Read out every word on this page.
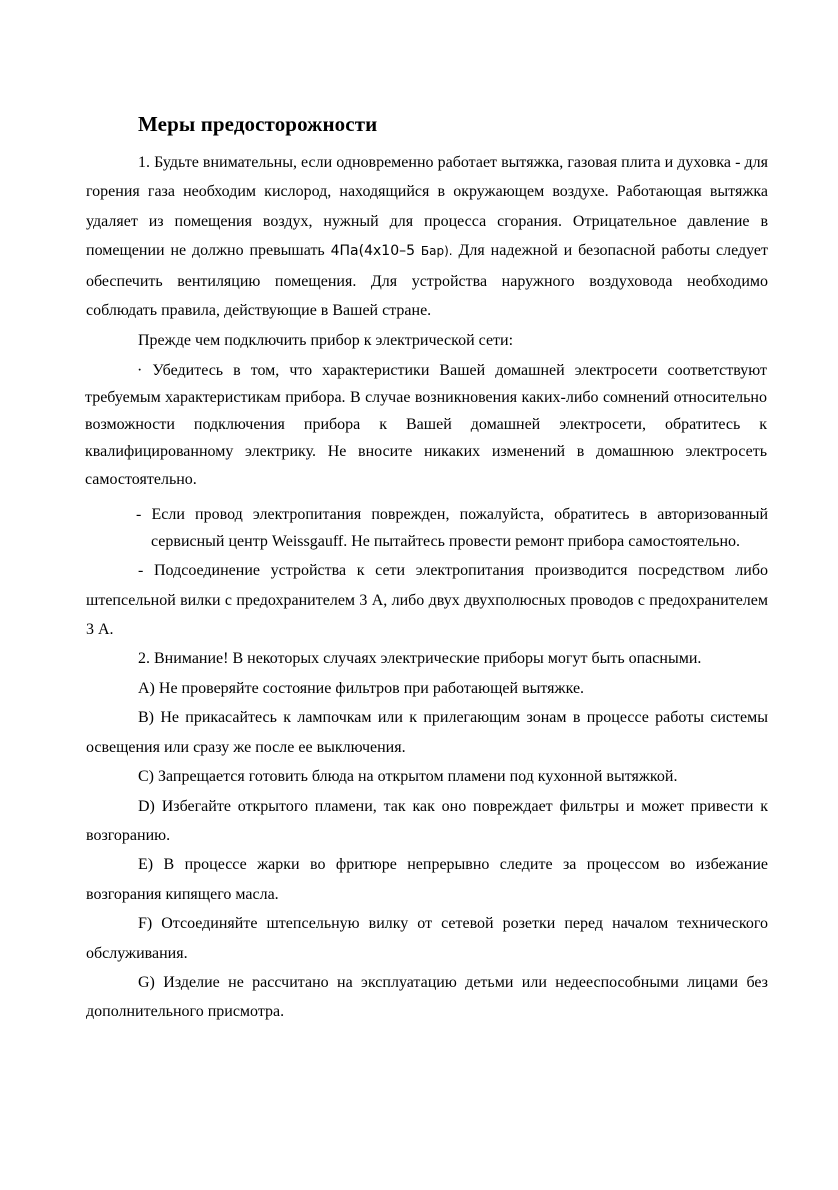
Меры предосторожности

1. Будьте внимательны, если одновременно работает вытяжка, газовая плита и духовка - для горения газа необходим кислород, находящийся в окружающем воздухе. Работающая вытяжка удаляет из помещения воздух, нужный для процесса сгорания. Отрицательное давление в помещении не должно превышать 4Па(4х10–5 Бар). Для надежной и безопасной работы следует обеспечить вентиляцию помещения. Для устройства наружного воздуховода необходимо соблюдать правила, действующие в Вашей стране.

Прежде чем подключить прибор к электрической сети:

· Убедитесь в том, что характеристики Вашей домашней электросети соответствуют требуемым характеристикам прибора. В случае возникновения каких-либо сомнений относительно возможности подключения прибора к Вашей домашней электросети, обратитесь к квалифицированному электрику. Не вносите никаких изменений в домашнюю электросеть самостоятельно.

- Если провод электропитания поврежден, пожалуйста, обратитесь в авторизованный
сервисный центр Weissgauff. Не пытайтесь провести ремонт прибора самостоятельно.

- Подсоединение устройства к сети электропитания производится посредством либо штепсельной вилки с предохранителем 3 А, либо двух двухполюсных проводов с предохранителем 3 А.

2. Внимание! В некоторых случаях электрические приборы могут быть опасными.

A) Не проверяйте состояние фильтров при работающей вытяжке.

B) Не прикасайтесь к лампочкам или к прилегающим зонам в процессе работы системы освещения или сразу же после ее выключения.

C) Запрещается готовить блюда на открытом пламени под кухонной вытяжкой.

D) Избегайте открытого пламени, так как оно повреждает фильтры и может привести к возгоранию.

E) В процессе жарки во фритюре непрерывно следите за процессом во избежание возгорания кипящего масла.

F) Отсоединяйте штепсельную вилку от сетевой розетки перед началом технического обслуживания.

G) Изделие не рассчитано на эксплуатацию детьми или недееспособными лицами без дополнительного присмотра.
